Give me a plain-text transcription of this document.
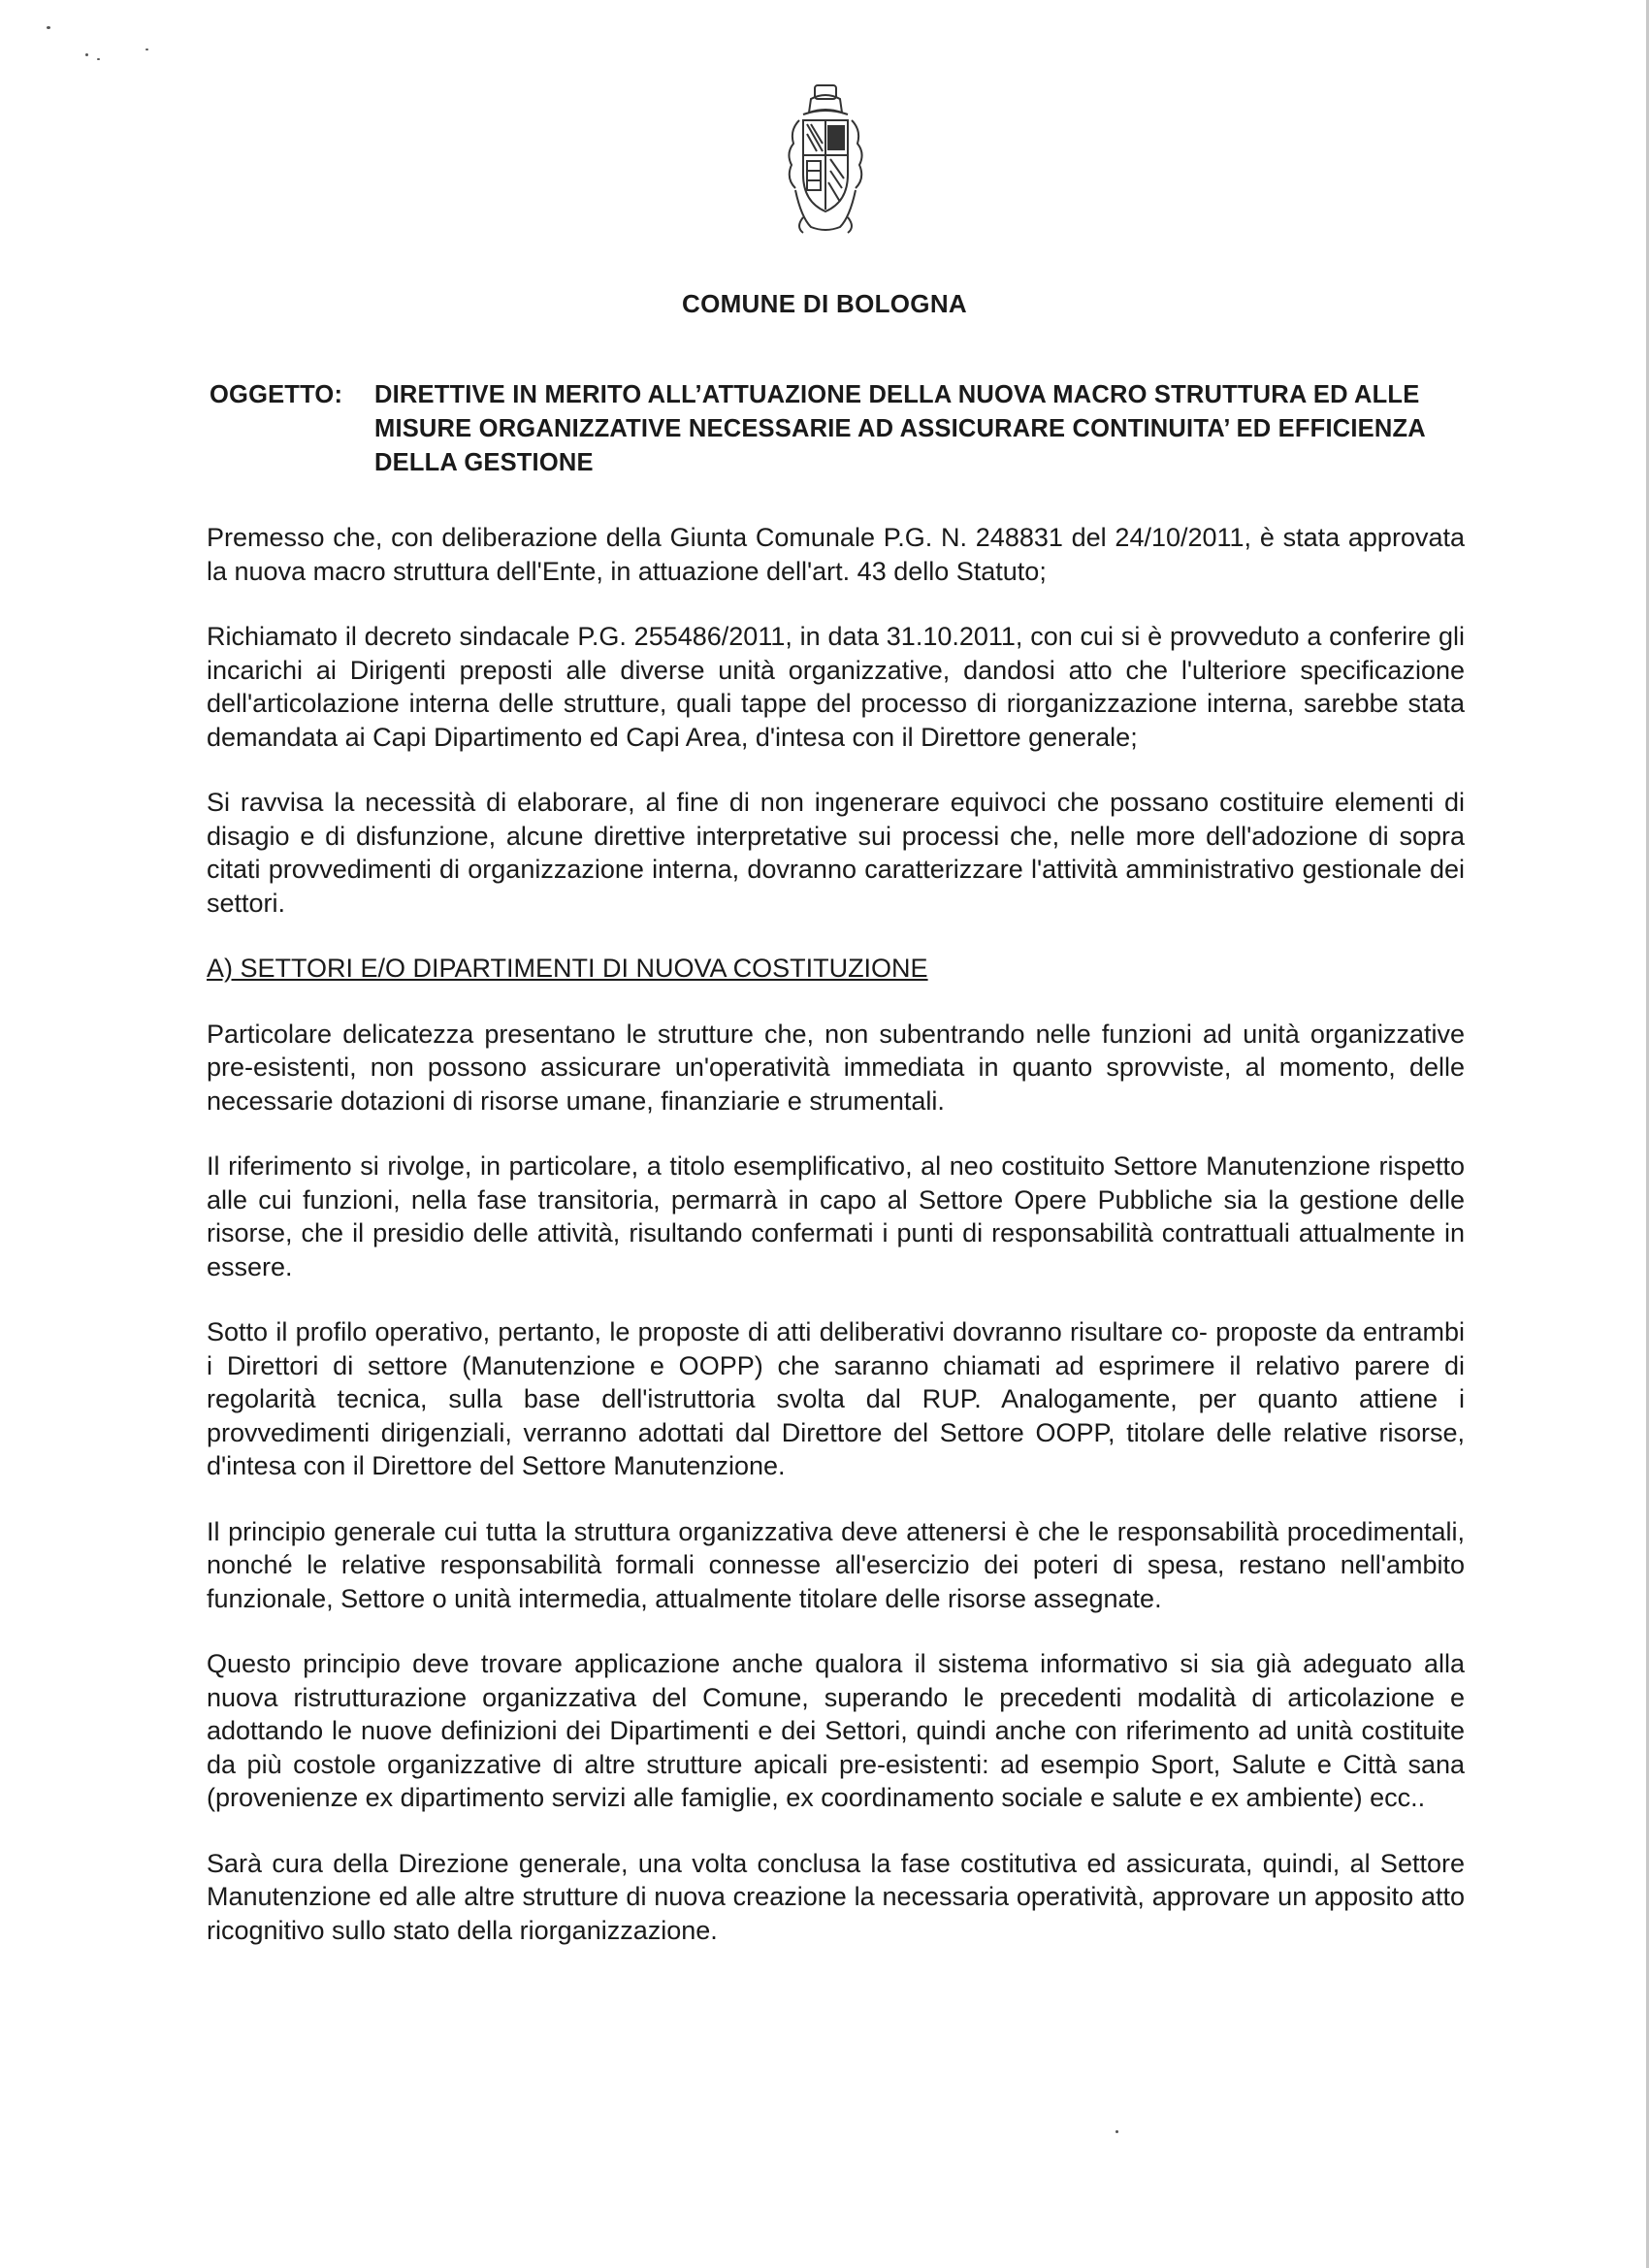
COMUNE DI BOLOGNA
OGGETTO: DIRETTIVE IN MERITO ALL’ATTUAZIONE DELLA NUOVA MACRO STRUTTURA ED ALLE MISURE ORGANIZZATIVE NECESSARIE AD ASSICURARE CONTINUITA’ ED EFFICIENZA DELLA GESTIONE

Premesso che, con deliberazione della Giunta Comunale P.G. N. 248831 del 24/10/2011, è stata approvata la nuova macro struttura dell'Ente, in attuazione dell'art. 43 dello Statuto;

Richiamato il decreto sindacale P.G. 255486/2011, in data 31.10.2011, con cui si è provveduto a conferire gli incarichi ai Dirigenti preposti alle diverse unità organizzative, dandosi atto che l'ulteriore specificazione dell'articolazione interna delle strutture, quali tappe del processo di riorganizzazione interna, sarebbe stata demandata ai Capi Dipartimento ed Capi Area, d'intesa con il Direttore generale;

Si ravvisa la necessità di elaborare, al fine di non ingenerare equivoci che possano costituire elementi di disagio e di disfunzione, alcune direttive interpretative sui processi che, nelle more dell'adozione di sopra citati provvedimenti di organizzazione interna, dovranno caratterizzare l'attività amministrativo gestionale dei settori.

A) SETTORI E/O DIPARTIMENTI DI NUOVA COSTITUZIONE

Particolare delicatezza presentano le strutture che, non subentrando nelle funzioni ad unità organizzative pre-esistenti, non possono assicurare un'operatività immediata in quanto sprovviste, al momento, delle necessarie dotazioni di risorse umane, finanziarie e strumentali.

Il riferimento si rivolge, in particolare, a titolo esemplificativo, al neo costituito Settore Manutenzione rispetto alle cui funzioni, nella fase transitoria, permarrà in capo al Settore Opere Pubbliche sia la gestione delle risorse, che il presidio delle attività, risultando confermati i punti di responsabilità contrattuali attualmente in essere.

Sotto il profilo operativo, pertanto, le proposte di atti deliberativi dovranno risultare co- proposte da entrambi i Direttori di settore (Manutenzione e OOPP) che saranno chiamati ad esprimere il relativo parere di regolarità tecnica, sulla base dell'istruttoria svolta dal RUP. Analogamente, per quanto attiene i provvedimenti dirigenziali, verranno adottati dal Direttore del Settore OOPP, titolare delle relative risorse, d'intesa con il Direttore del Settore Manutenzione.

Il principio generale cui tutta la struttura organizzativa deve attenersi è che le responsabilità procedimentali, nonché le relative responsabilità formali connesse all'esercizio dei poteri di spesa, restano nell'ambito funzionale, Settore o unità intermedia, attualmente titolare delle risorse assegnate.

Questo principio deve trovare applicazione anche qualora il sistema informativo si sia già adeguato alla nuova ristrutturazione organizzativa del Comune, superando le precedenti modalità di articolazione e adottando le nuove definizioni dei Dipartimenti e dei Settori, quindi anche con riferimento ad unità costituite da più costole organizzative di altre strutture apicali pre-esistenti: ad esempio Sport, Salute e Città sana (provenienze ex dipartimento servizi alle famiglie, ex coordinamento sociale e salute e ex ambiente) ecc..

Sarà cura della Direzione generale, una volta conclusa la fase costitutiva ed assicurata, quindi, al Settore Manutenzione ed alle altre strutture di nuova creazione la necessaria operatività, approvare un apposito atto ricognitivo sullo stato della riorganizzazione.
